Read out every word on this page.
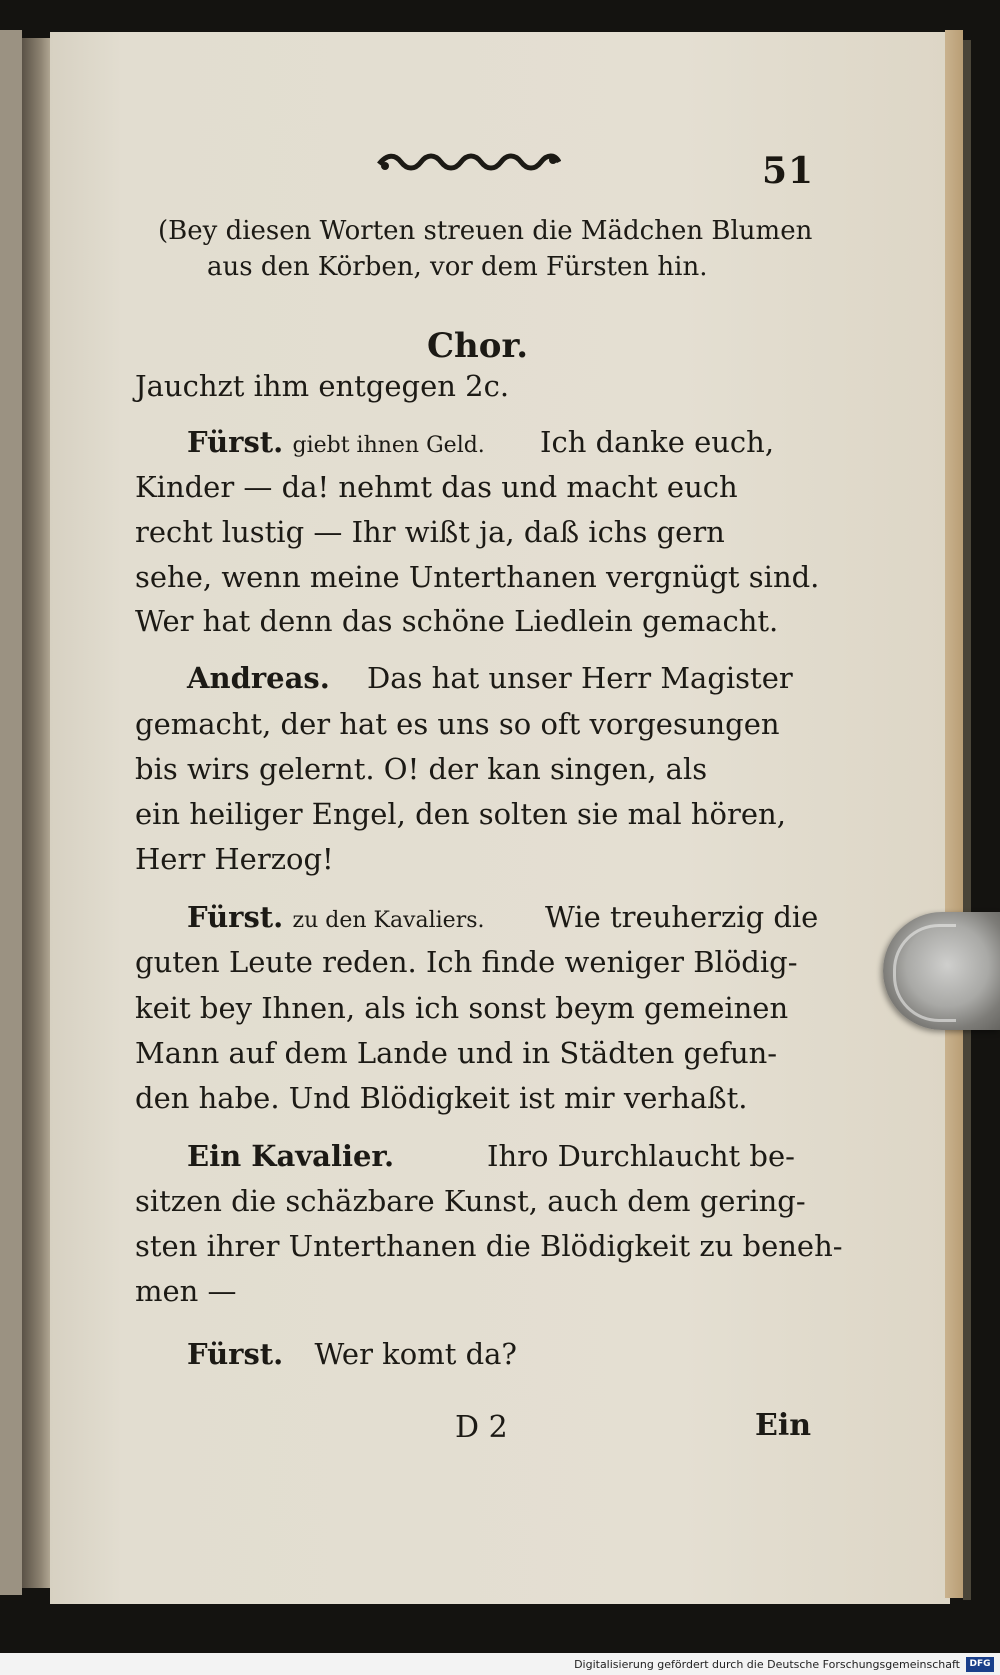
51
(Bey diesen Worten streuen die Mädchen Blumen
aus den Körben, vor dem Fürsten hin.
Chor.
Jauchzt ihm entgegen 2c.
Fürst. giebt ihnen Geld. Ich danke euch,
Kinder — da! nehmt das und macht euch
recht lustig — Ihr wißt ja, daß ichs gern
sehe, wenn meine Unterthanen vergnügt sind.
Wer hat denn das schöne Liedlein gemacht.
Andreas. Das hat unser Herr Magister
gemacht, der hat es uns so oft vorgesungen
bis wirs gelernt. O! der kan singen, als
ein heiliger Engel, den solten sie mal hören,
Herr Herzog!
Fürst. zu den Kavaliers. Wie treuherzig die
guten Leute reden. Ich finde weniger Blödig-
keit bey Ihnen, als ich sonst beym gemeinen
Mann auf dem Lande und in Städten gefun-
den habe. Und Blödigkeit ist mir verhaßt.
Ein Kavalier.	Ihro Durchlaucht be-
sitzen die schäzbare Kunst, auch dem gering-
sten ihrer Unterthanen die Blödigkeit zu beneh-
men —
Fürst. Wer komt da?
D 2	Ein
Digitalisierung gefördert durch die Deutsche Forschungsgemeinschaft	DFG
